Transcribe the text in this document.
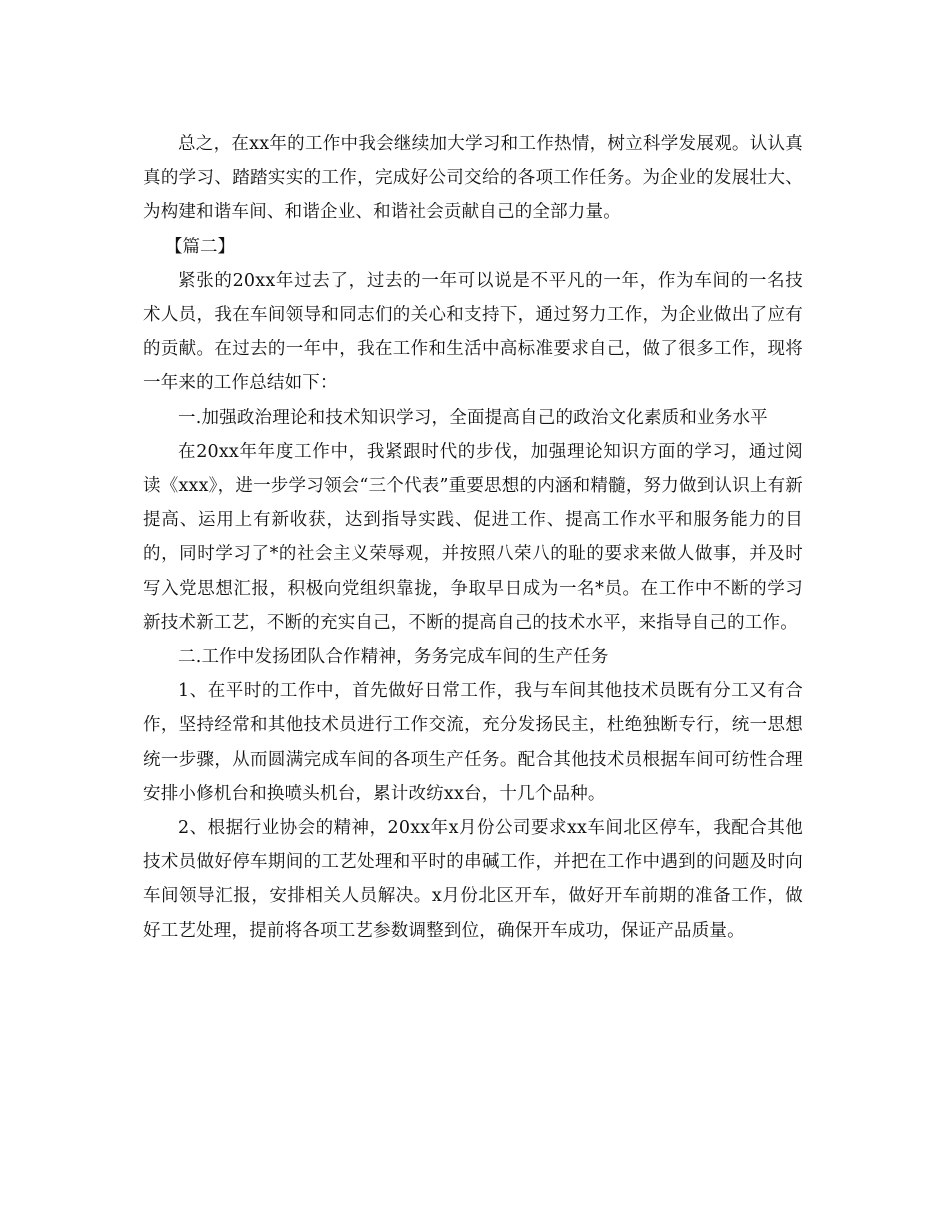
总之，在xx年的工作中我会继续加大学习和工作热情，树立科学发展观。认认真真的学习、踏踏实实的工作，完成好公司交给的各项工作任务。为企业的发展壮大、为构建和谐车间、和谐企业、和谐社会贡献自己的全部力量。

【篇二】

紧张的20xx年过去了，过去的一年可以说是不平凡的一年，作为车间的一名技术人员，我在车间领导和同志们的关心和支持下，通过努力工作，为企业做出了应有的贡献。在过去的一年中，我在工作和生活中高标准要求自己，做了很多工作，现将一年来的工作总结如下：

一.加强政治理论和技术知识学习，全面提高自己的政治文化素质和业务水平

在20xx年年度工作中，我紧跟时代的步伐，加强理论知识方面的学习，通过阅读《xxx》，进一步学习领会“三个代表”重要思想的内涵和精髓，努力做到认识上有新提高、运用上有新收获，达到指导实践、促进工作、提高工作水平和服务能力的目的，同时学习了*的社会主义荣辱观，并按照八荣八的耻的要求来做人做事，并及时写入党思想汇报，积极向党组织靠拢，争取早日成为一名*员。在工作中不断的学习新技术新工艺，不断的充实自己，不断的提高自己的技术水平，来指导自己的工作。

二.工作中发扬团队合作精神，务务完成车间的生产任务

1、在平时的工作中，首先做好日常工作，我与车间其他技术员既有分工又有合作，坚持经常和其他技术员进行工作交流，充分发扬民主，杜绝独断专行，统一思想统一步骤，从而圆满完成车间的各项生产任务。配合其他技术员根据车间可纺性合理安排小修机台和换喷头机台，累计改纺xx台，十几个品种。

2、根据行业协会的精神，20xx年x月份公司要求xx车间北区停车，我配合其他技术员做好停车期间的工艺处理和平时的串碱工作，并把在工作中遇到的问题及时向车间领导汇报，安排相关人员解决。x月份北区开车，做好开车前期的准备工作，做好工艺处理，提前将各项工艺参数调整到位，确保开车成功，保证产品质量。
